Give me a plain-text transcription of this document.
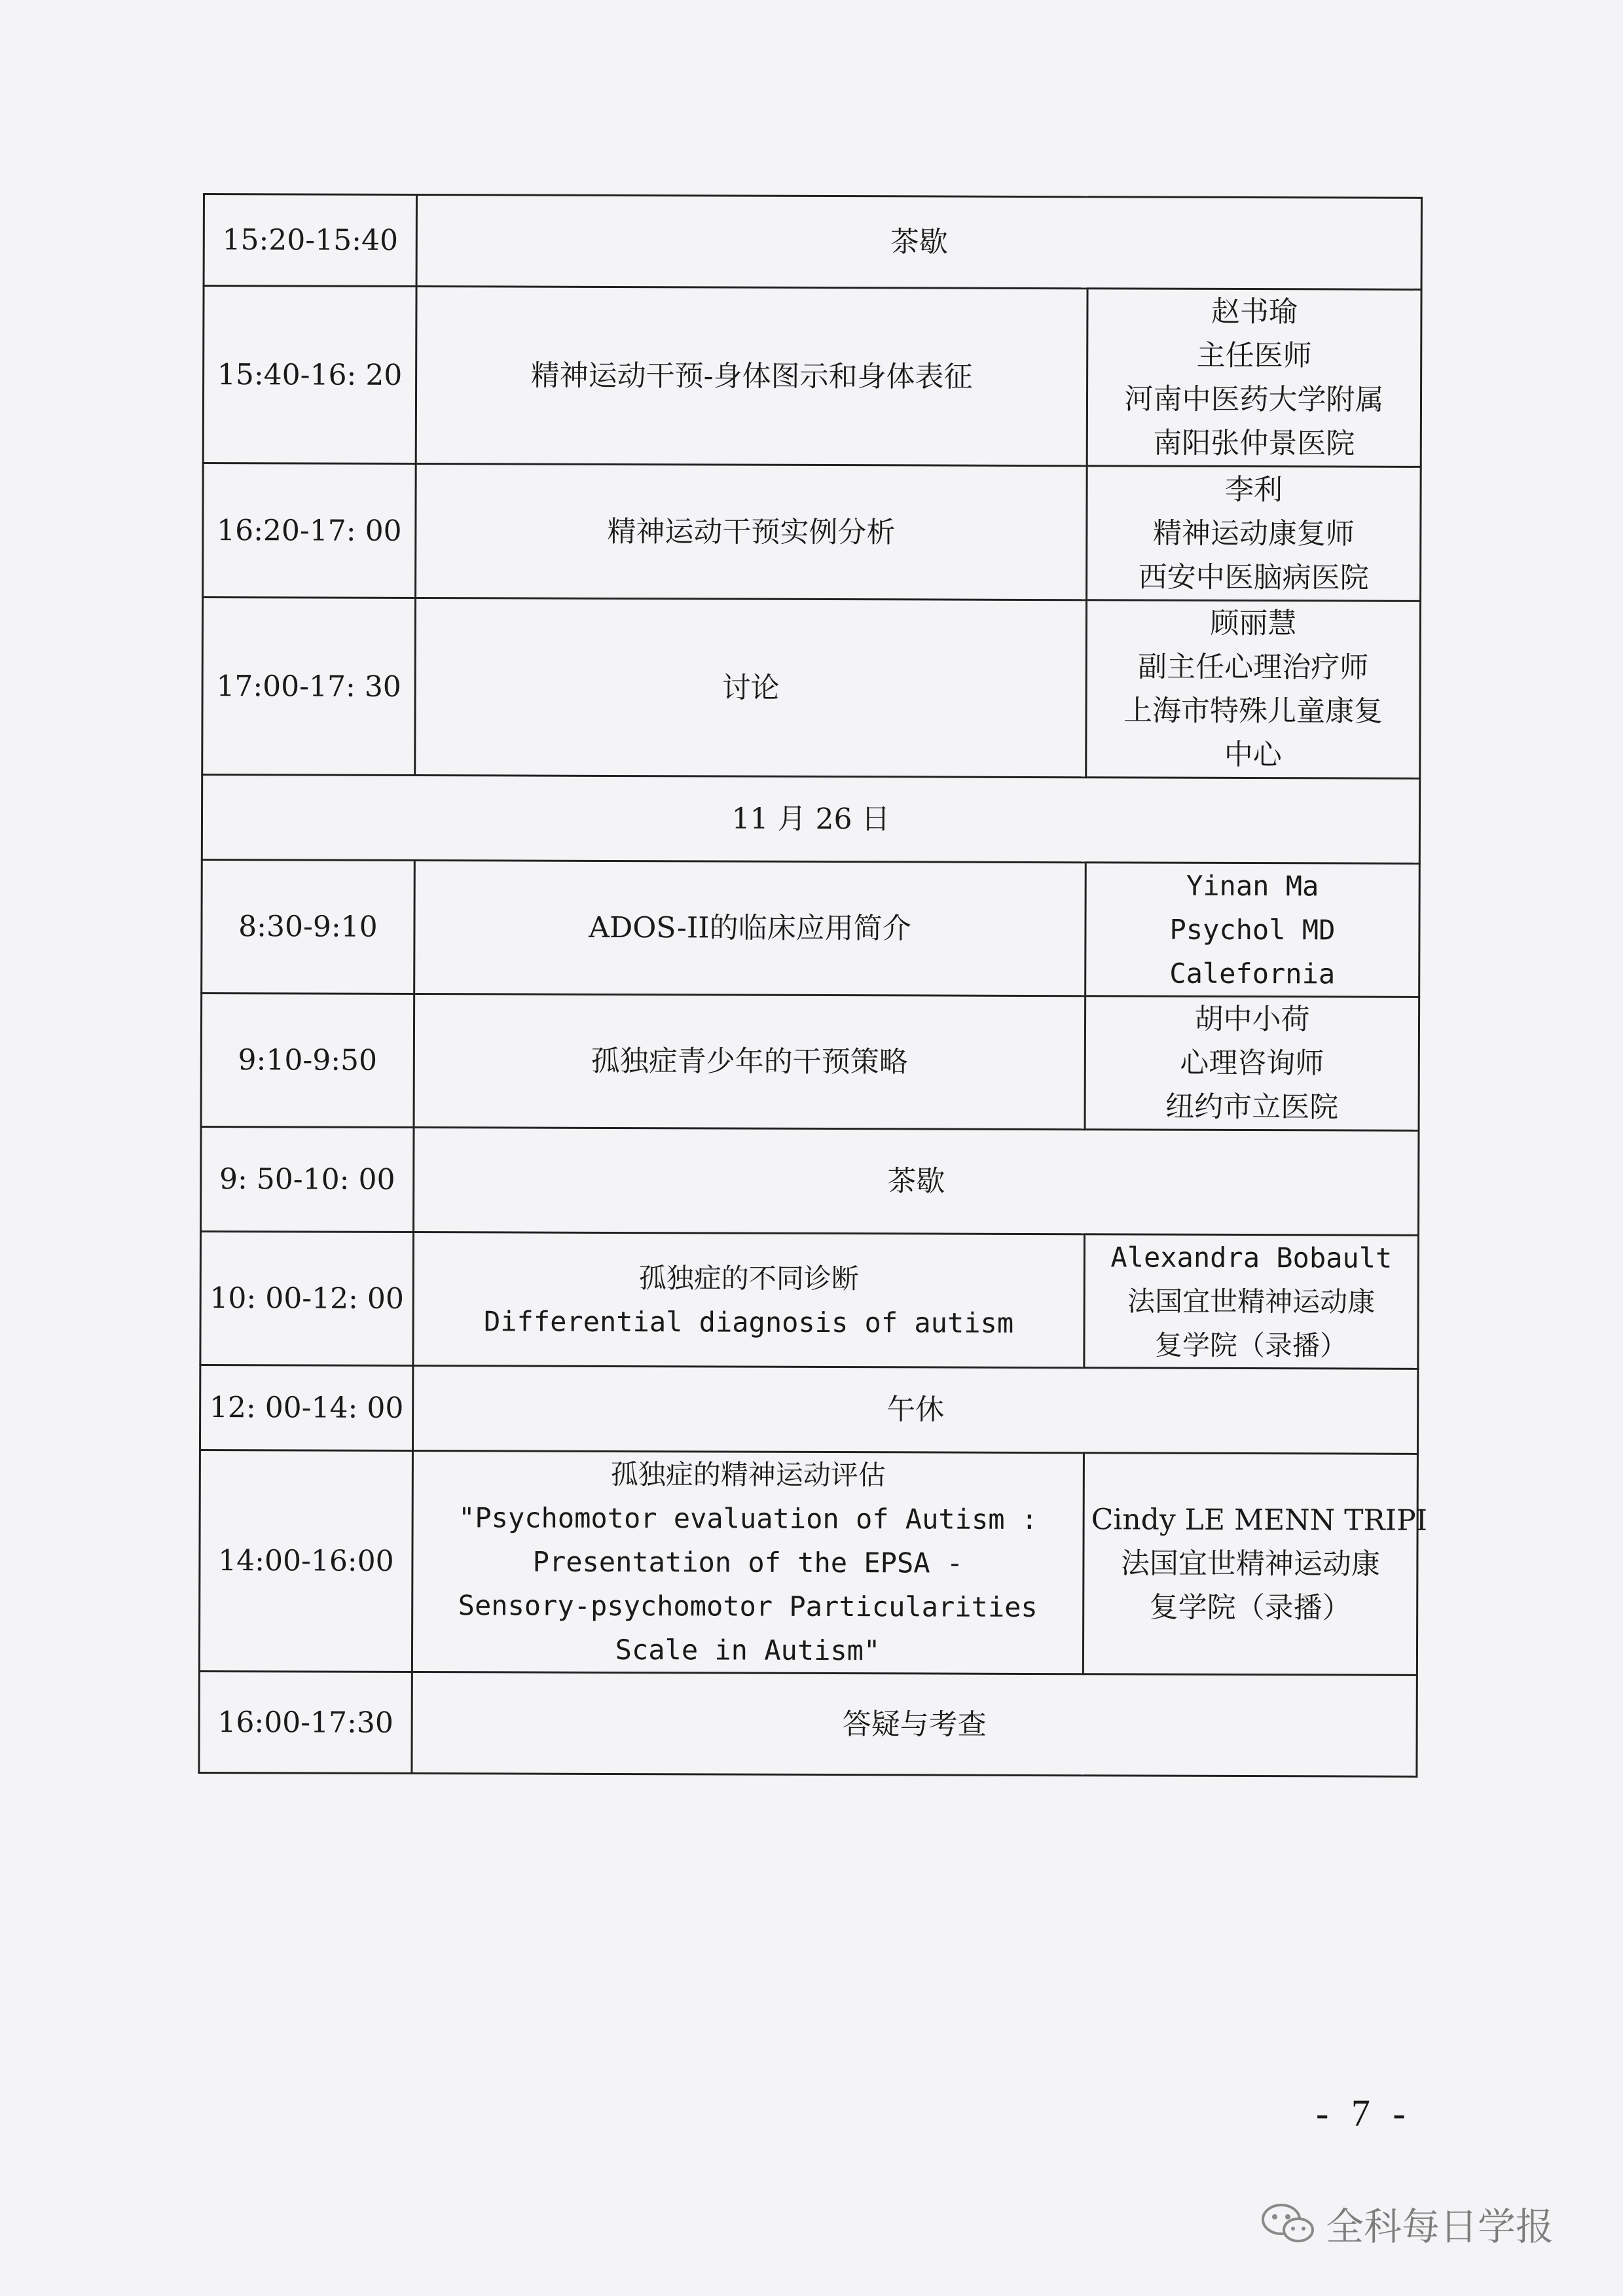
15:20-15:40	茶歇	
15:40-16: 20	精神运动干预-身体图示和身体表征	赵书瑜
主任医师
河南中医药大学附属
南阳张仲景医院

16:20-17: 00	精神运动干预实例分析	李利
精神运动康复师
西安中医脑病医院

17:00-17: 30	讨论	顾丽慧
副主任心理治疗师
上海市特殊儿童康复
中心

11 月 26 日		
8:30-9:10	ADOS-II的临床应用简介	Yinan Ma
Psychol MD
Calefornia

9:10-9:50	孤独症青少年的干预策略	胡中小荷
心理咨询师
纽约市立医院

9: 50-10: 00	茶歇	
10: 00-12: 00	孤独症的不同诊断
Differential diagnosis of autism	Alexandra Bobault
法国宜世精神运动康
复学院（录播）

12: 00-14: 00	午休	
14:00-16:00	孤独症的精神运动评估
"Psychomotor evaluation of Autism :
Presentation of the EPSA -
Sensory-psychomotor Particularities
Scale in Autism"	Cindy LE MENN TRIPI
法国宜世精神运动康
复学院（录播）

16:00-17:30	答疑与考查	
- 7 -
全科每日学报
